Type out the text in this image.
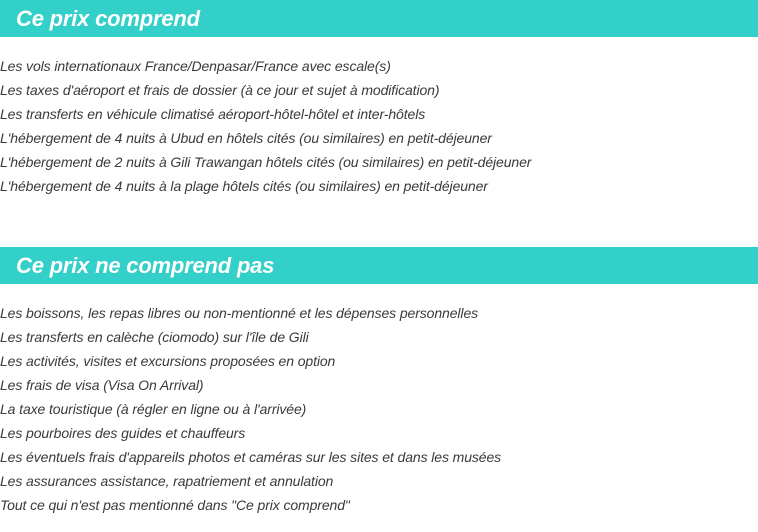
Ce prix comprend
Les vols internationaux France/Denpasar/France avec escale(s)
Les taxes d'aéroport et frais de dossier (à ce jour et sujet à modification)
Les transferts en véhicule climatisé aéroport-hôtel-hôtel et inter-hôtels
L'hébergement de 4 nuits à Ubud en hôtels cités (ou similaires) en petit-déjeuner
L'hébergement de 2 nuits à Gili Trawangan hôtels cités (ou similaires) en petit-déjeuner
L'hébergement de 4 nuits à la plage hôtels cités (ou similaires) en petit-déjeuner
Ce prix ne comprend pas
Les boissons, les repas libres ou non-mentionné et les dépenses personnelles
Les transferts en calèche (ciomodo) sur l'île de Gili
Les activités, visites et excursions proposées en option
Les frais de visa (Visa On Arrival)
La taxe touristique (à régler en ligne ou à l'arrivée)
Les pourboires des guides et chauffeurs
Les éventuels frais d'appareils photos et caméras sur les sites et dans les musées
Les assurances assistance, rapatriement et annulation
Tout ce qui n'est pas mentionné dans "Ce prix comprend"
